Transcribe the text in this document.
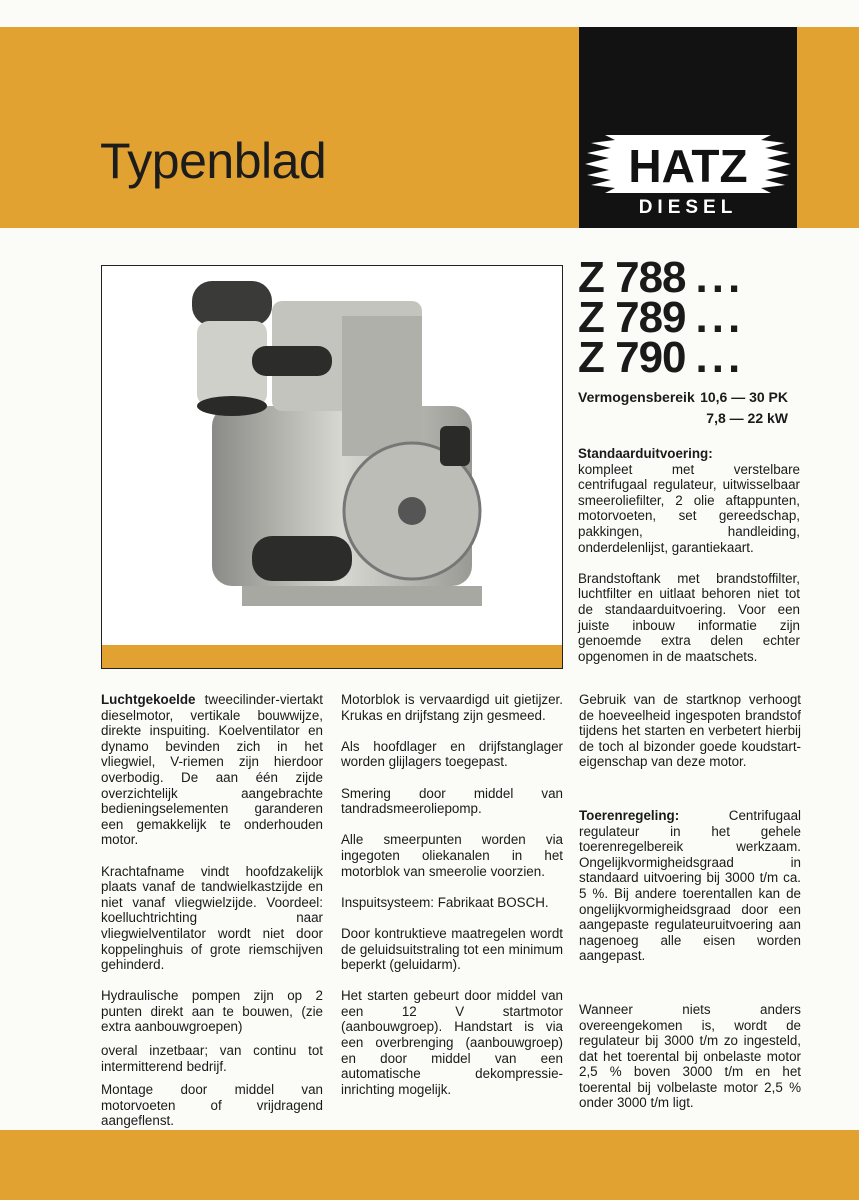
Typenblad	HATZ
DIESEL
Z 788 ...
Z 789 ...
Z 790 ...
Vermogensbereik 10,6 — 30 PK
7,8 — 22 kW

Standaarduitvoering:
kompleet met verstelbare centrifugaal regulateur, uitwisselbaar smeeroliefilter, 2 olie aftappunten, motorvoeten, set gereedschap, pakkingen, handleiding, onderdelenlijst, garantiekaart.

Brandstoftank met brandstoffilter, luchtfilter en uitlaat behoren niet tot de standaarduitvoering. Voor een juiste inbouw informatie zijn genoemde extra delen echter opgenomen in de maatschets.

Luchtgekoelde tweecilinder-viertakt dieselmotor, vertikale bouwwijze, direkte inspuiting. Koelventilator en dynamo bevinden zich in het vliegwiel, V-riemen zijn hierdoor overbodig. De aan één zijde overzichtelijk aangebrachte bedieningselementen garanderen een gemakkelijk te onderhouden motor.

Krachtafname vindt hoofdzakelijk plaats vanaf de tandwielkastzijde en niet vanaf vliegwielzijde. Voordeel: koelluchtrichting naar vliegwielventilator wordt niet door koppelinghuis of grote riemschijven gehinderd.

Hydraulische pompen zijn op 2 punten direkt aan te bouwen, (zie extra aanbouwgroepen)

overal inzetbaar; van continu tot intermitterend bedrijf.

Montage door middel van motorvoeten of vrijdragend aangeflenst.

Motorblok is vervaardigd uit gietijzer. Krukas en drijfstang zijn gesmeed.

Als hoofdlager en drijfstanglager worden glijlagers toegepast.

Smering door middel van tandradsmeeroliepomp.

Alle smeerpunten worden via ingegoten oliekanalen in het motorblok van smeerolie voorzien.

Inspuitsysteem: Fabrikaat BOSCH.

Door kontruktieve maatregelen wordt de geluidsuitstraling tot een minimum beperkt (geluidarm).

Het starten gebeurt door middel van een 12 V startmotor (aanbouwgroep). Handstart is via een overbrenging (aanbouwgroep) en door middel van een automatische dekompressie-inrichting mogelijk.

Gebruik van de startknop verhoogt de hoeveelheid ingespoten brandstof tijdens het starten en verbetert hierbij de toch al bizonder goede koudstart-eigenschap van deze motor.

Toerenregeling: Centrifugaal regulateur in het gehele toerenregelbereik werkzaam. Ongelijkvormigheidsgraad in standaard uitvoering bij 3000 t/m ca. 5 %. Bij andere toerentallen kan de ongelijkvormigheidsgraad door een aangepaste regulateuruitvoering aan nagenoeg alle eisen worden aangepast.

Wanneer niets anders overeengekomen is, wordt de regulateur bij 3000 t/m zo ingesteld, dat het toerental bij onbelaste motor 2,5 % boven 3000 t/m en het toerental bij volbelaste motor 2,5 % onder 3000 t/m ligt.
